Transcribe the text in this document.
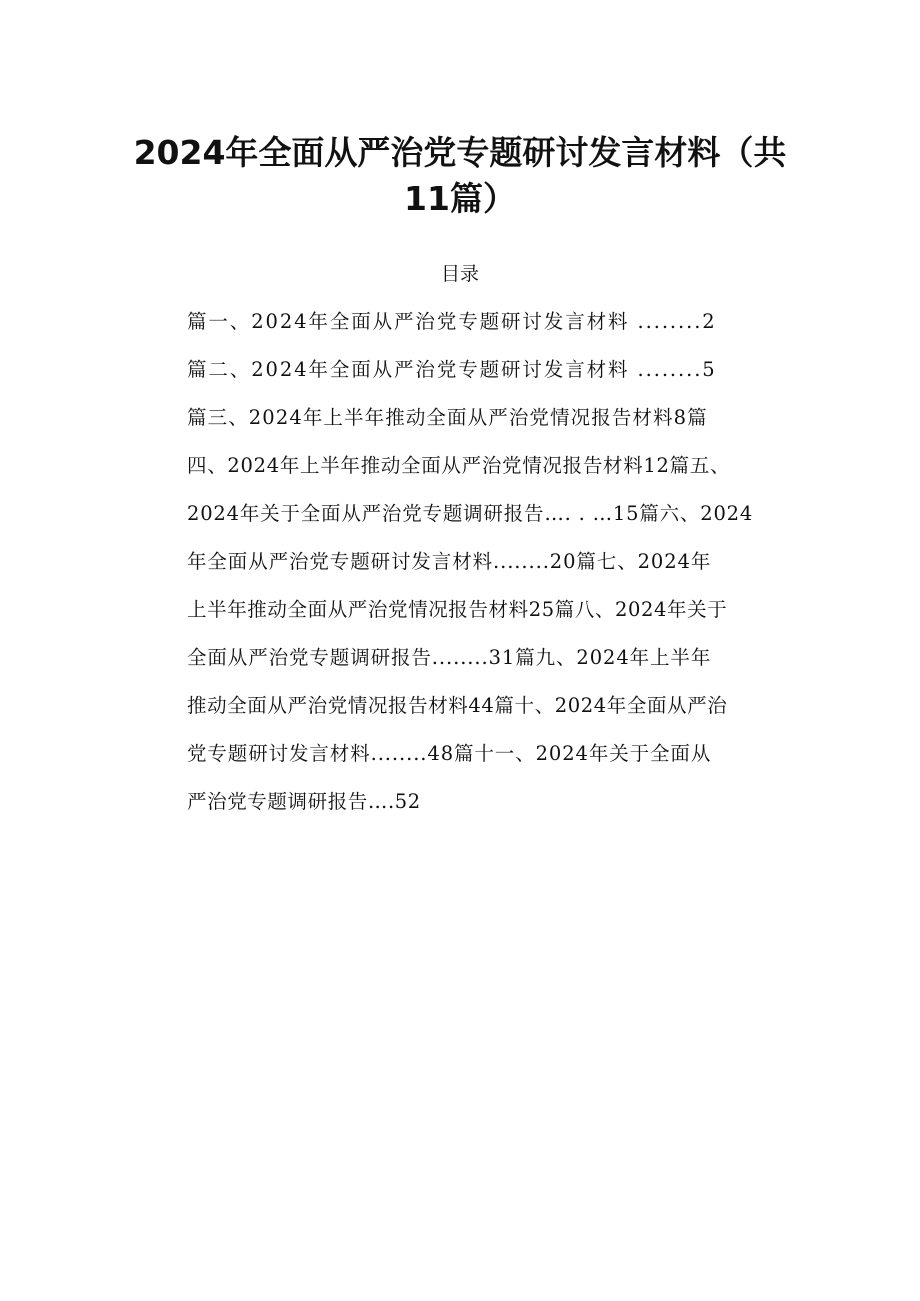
2024年全面从严治党专题研讨发言材料（共
11篇）
目录
篇一、2024年全面从严治党专题研讨发言材料 ........2
篇二、2024年全面从严治党专题研讨发言材料 ........5
篇三、2024年上半年推动全面从严治党情况报告材料8篇
四、2024年上半年推动全面从严治党情况报告材料12篇五、
2024年关于全面从严治党专题调研报告…. . …15篇六、2024
年全面从严治党专题研讨发言材料........20篇七、2024年
上半年推动全面从严治党情况报告材料25篇八、2024年关于
全面从严治党专题调研报告........31篇九、2024年上半年
推动全面从严治党情况报告材料44篇十、2024年全面从严治
党专题研讨发言材料........48篇十一、2024年关于全面从
严治党专题调研报告….52
